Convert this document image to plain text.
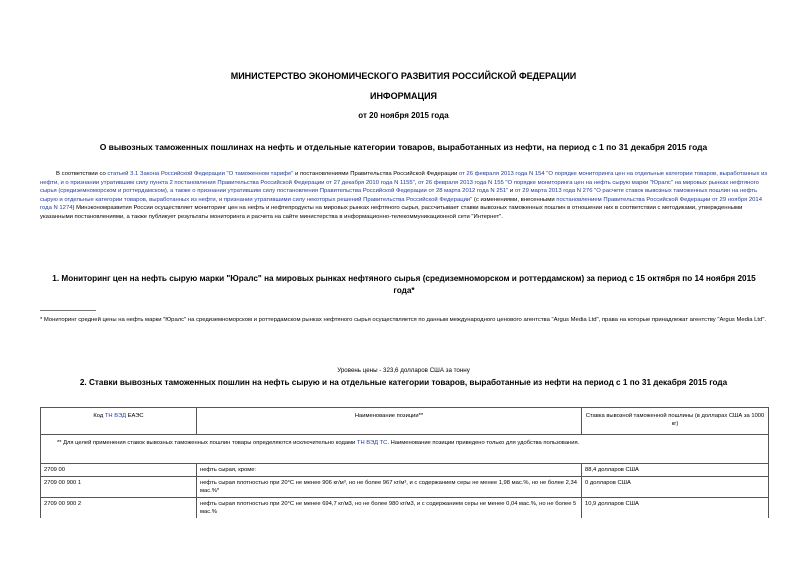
МИНИСТЕРСТВО ЭКОНОМИЧЕСКОГО РАЗВИТИЯ РОССИЙСКОЙ ФЕДЕРАЦИИ
ИНФОРМАЦИЯ
от 20 ноября 2015 года
О вывозных таможенных пошлинах на нефть и отдельные категории товаров, выработанных из нефти, на период с 1 по 31 декабря 2015 года
В соответствии со статьей 3.1 Закона Российской Федерации "О таможенном тарифе" и постановлениями Правительства Российской Федерации от 26 февраля 2013 года N 154 "О порядке мониторинга цен на отдельные категории товаров, выработанных из нефти, и о признании утратившим силу пункта 2 постановления Правительства Российской Федерации от 27 декабря 2010 года N 1155", от 26 февраля 2013 года N 155 "О порядке мониторинга цен на нефть сырую марки "Юралс" на мировых рынках нефтяного сырья (средиземноморском и роттердамском), а также о признании утратившим силу постановления Правительства Российской Федерации от 28 марта 2012 года N 251" и от 29 марта 2013 года N 276 "О расчете ставок вывозных таможенных пошлин на нефть сырую и отдельные категории товаров, выработанных из нефти, и признании утратившими силу некоторых решений Правительства Российской Федерации" (с изменениями, внесенными постановлением Правительства Российской Федерации от 29 ноября 2014 года N 1274) Минэкономразвития России осуществляет мониторинг цен на нефть и нефтепродукты на мировых рынках нефтяного сырья, рассчитывает ставки вывозных таможенных пошлин в отношении них в соответствии с методиками, утвержденными указанными постановлениями, а также публикует результаты мониторинга и расчета на сайте министерства в информационно-телекоммуникационной сети "Интернет".
1. Мониторинг цен на нефть сырую марки "Юралс" на мировых рынках нефтяного сырья (средиземноморском и роттердамском) за период с 15 октября по 14 ноября 2015 года*
* Мониторинг средней цены на нефть марки "Юралс" на средиземноморском и роттердамском рынках нефтяного сырья осуществляется по данным международного ценового агентства "Argus Media Ltd", права на которые принадлежат агентству "Argus Media Ltd".
Уровень цены - 323,6 долларов США за тонну
2. Ставки вывозных таможенных пошлин на нефть сырую и на отдельные категории товаров, выработанные из нефти на период с 1 по 31 декабря 2015 года
Код ТН ВЭД ЕАЭС	Наименование позиции**	Ставка вывозной таможенной пошлины (в долларах США за 1000 кг)
** Для целей применения ставок вывозных таможенных пошлин товары определяются исключительно кодами ТН ВЭД ТС. Наименование позиции приведено только для удобства пользования.		
2709 00	нефть сырая, кроме:	88,4 долларов США
2709 00 900 1	нефть сырая плотностью при 20°С не менее 906 кг/м³, но не более 967 кг/м³, и с содержанием серы не менее 1,98 мас.%, но не более 2,34 мас.%*	0 долларов США
2709 00 900 2	нефть сырая плотностью при 20°С не менее 694,7 кг/м3, но не более 980 кг/м3, и с содержанием серы не менее 0,04 мас.%, но не более 5 мас.%	10,9 долларов США
